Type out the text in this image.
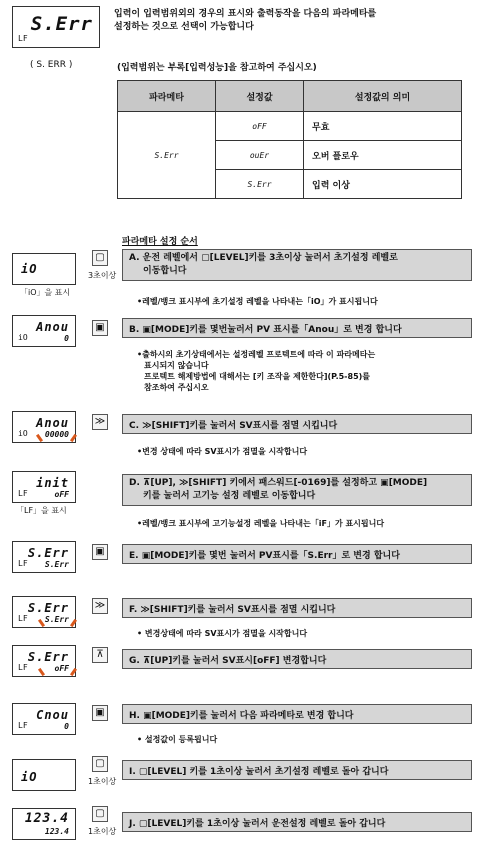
S.Err
LF
( S. ERR )
입력이 입력범위외의 경우의 표시와 출력동작을 다음의 파라메타를
설정하는 것으로 선택이 가능합니다
(입력범위는 부록[입력성능]을 참고하여 주십시오)
파라메타	설정값	설정값의 의미
S.Err	oFF	무효
	ouEr	오버 플로우
	S.Err	입력 이상
파라메타 설정 순서
iO
「iO」을 표시
▢
3초이상
A. 운전 레벨에서 ▢[LEVEL]키를 3초이상 눌러서 초기설정 레벨로
이동합니다
•레벨/뱅크 표시부에 초기설정 레벨을 나타내는「iO」가 표시됩니다
Anou
0
iO
▣	B. ▣[MODE]키를 몇번눌러서 PV 표시를「Anou」로 변경 합니다
•출하시의 초기상태에서는 설정레벨 프로텍트에 따라 이 파라메타는
표시되지 않습니다
프로텍트 해제방법에 대해서는 [키 조작을 제한한다](P.5-85)를
참조하여 주십시오
Anou
00000
iO
≫	C. ≫[SHIFT]키를 눌러서 SV표시를 점멸 시킵니다
•변경 상태에 따라 SV표시가 점멸을 시작합니다
init
oFF
LF
「LF」을 표시
D. ⊼[UP], ≫[SHIFT] 키에서 패스워드[-0169]를 설정하고 ▣[MODE]
키를 눌러서 고기능 설정 레벨로 이동합니다
•레벨/뱅크 표시부에 고기능설정 레벨을 나타내는「iF」가 표시됩니다
S.Err
S.Err
LF
▣	E. ▣[MODE]키를 몇번 눌러서 PV표시를「S.Err」로 변경 합니다
S.Err
S.Err
LF
≫	F. ≫[SHIFT]키를 눌러서 SV표시를 점멸 시킵니다
• 변경상태에 따라 SV표시가 점멸을 시작합니다
S.Err
oFF
LF
⊼
G. ⊼[UP]키를 눌러서 SV표시[oFF] 변경합니다
Cnou
0
LF
▣	H. ▣[MODE]키를 눌러서 다음 파라메타로 변경 합니다
• 설정값이 등록됩니다
iO
▢
1초이상
I. ▢[LEVEL] 키를 1초이상 눌러서 초기설정 레벨로 돌아 갑니다
123.4
123.4
▢
1초이상
J. ▢[LEVEL]키를 1초이상 눌러서 운전설정 레벨로 돌아 갑니다
